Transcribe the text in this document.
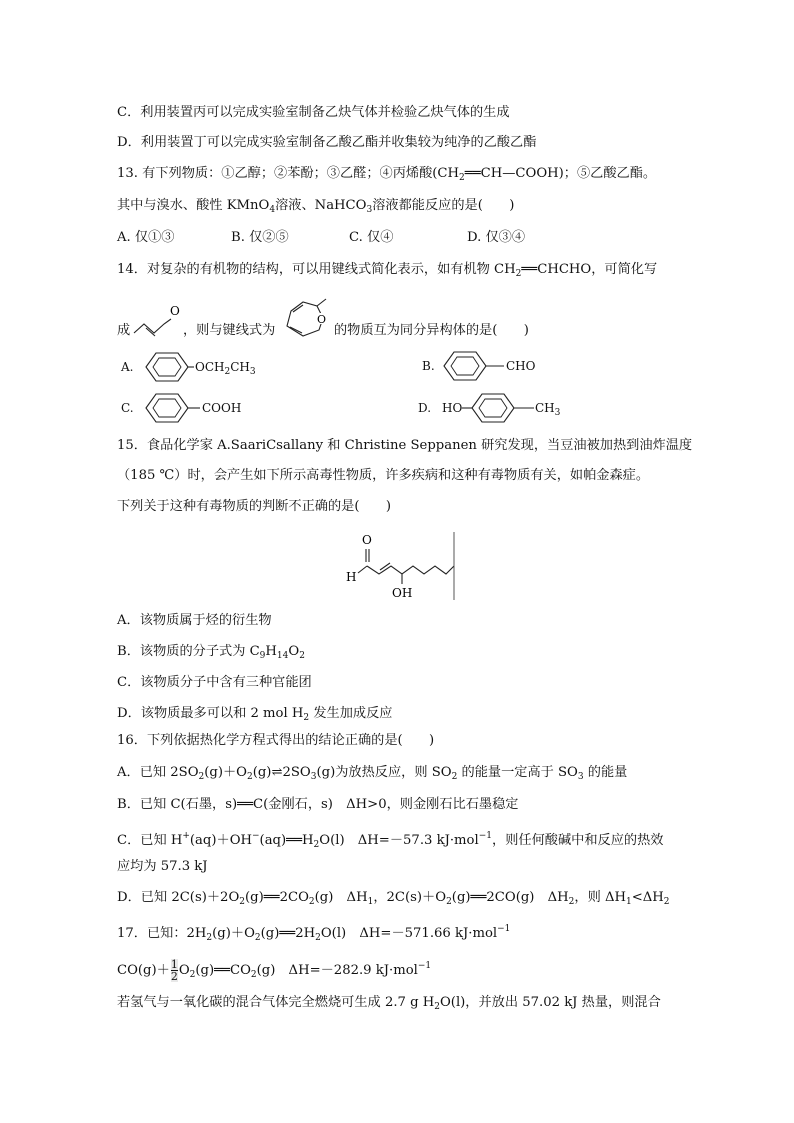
C．利用装置丙可以完成实验室制备乙炔气体并检验乙炔气体的生成
D．利用装置丁可以完成实验室制备乙酸乙酯并收集较为纯净的乙酸乙酯
13. 有下列物质：①乙醇；②苯酚；③乙醛；④丙烯酸$(CH_2══CH—COOH)$；⑤乙酸乙酯。
其中与溴水、酸性 KMnO$_4$溶液、NaHCO$_3$溶液都能反应的是(　　)
A. 仅①③	B. 仅②⑤	C. 仅④	D. 仅③④
14．对复杂的有机物的结构，可以用键线式简化表示，如有机物 $CH_2══CHCHO$，可简化写
成
O
，则与键线式为
O
的物质互为同分异构体的是(　　)
A.	$OCH_2CH_3$	B.	CHO
C.	COOH	D. HO	$CH_3$
15．食品化学家 A.SaariCsallany 和 Christine Seppanen 研究发现，当豆油被加热到油炸温度
（185 ℃）时，会产生如下所示高毒性物质，许多疾病和这种有毒物质有关，如帕金森症。
下列关于这种有毒物质的判断不正确的是(　　)
O
H
OH
A．该物质属于烃的衍生物
B．该物质的分子式为 $C_9H_{14}O_2$
C．该物质分子中含有三种官能团
D．该物质最多可以和 2 mol $H_2$ 发生加成反应
16．下列依据热化学方程式得出的结论正确的是(　　)
A．已知 $2SO_2(g)+O_2(g)\rightleftharpoons 2SO_3(g)$为放热反应，则 $SO_2$ 的能量一定高于 $SO_3$ 的能量
B．已知 C(石墨，s)══C(金刚石，s)　ΔH>0，则金刚石比石墨稳定
C．已知 $H^+(aq)+OH^-(aq)══H_2O(l)$　ΔH=－57.3 kJ·mol$^{-1}$，则任何酸碱中和反应的热效
应均为 57.3 kJ
D．已知 $2C(s)+2O_2(g)══2CO_2(g)$　$\Delta H_1$，$2C(s)+O_2(g)══2CO(g)$　$\Delta H_2$，则 $\Delta H_1<\Delta H_2$
17．已知：$2H_2(g)+O_2(g)══2H_2O(l)$　ΔH=－571.66 kJ·mol$^{-1}$
$CO(g)+ \frac{1}{2}$ $O_2(g)══CO_2(g)$　ΔH=－282.9 kJ·mol$^{-1}$
若氢气与一氧化碳的混合气体完全燃烧可生成 2.7 g $H_2O(l)$，并放出 57.02 kJ 热量，则混合
